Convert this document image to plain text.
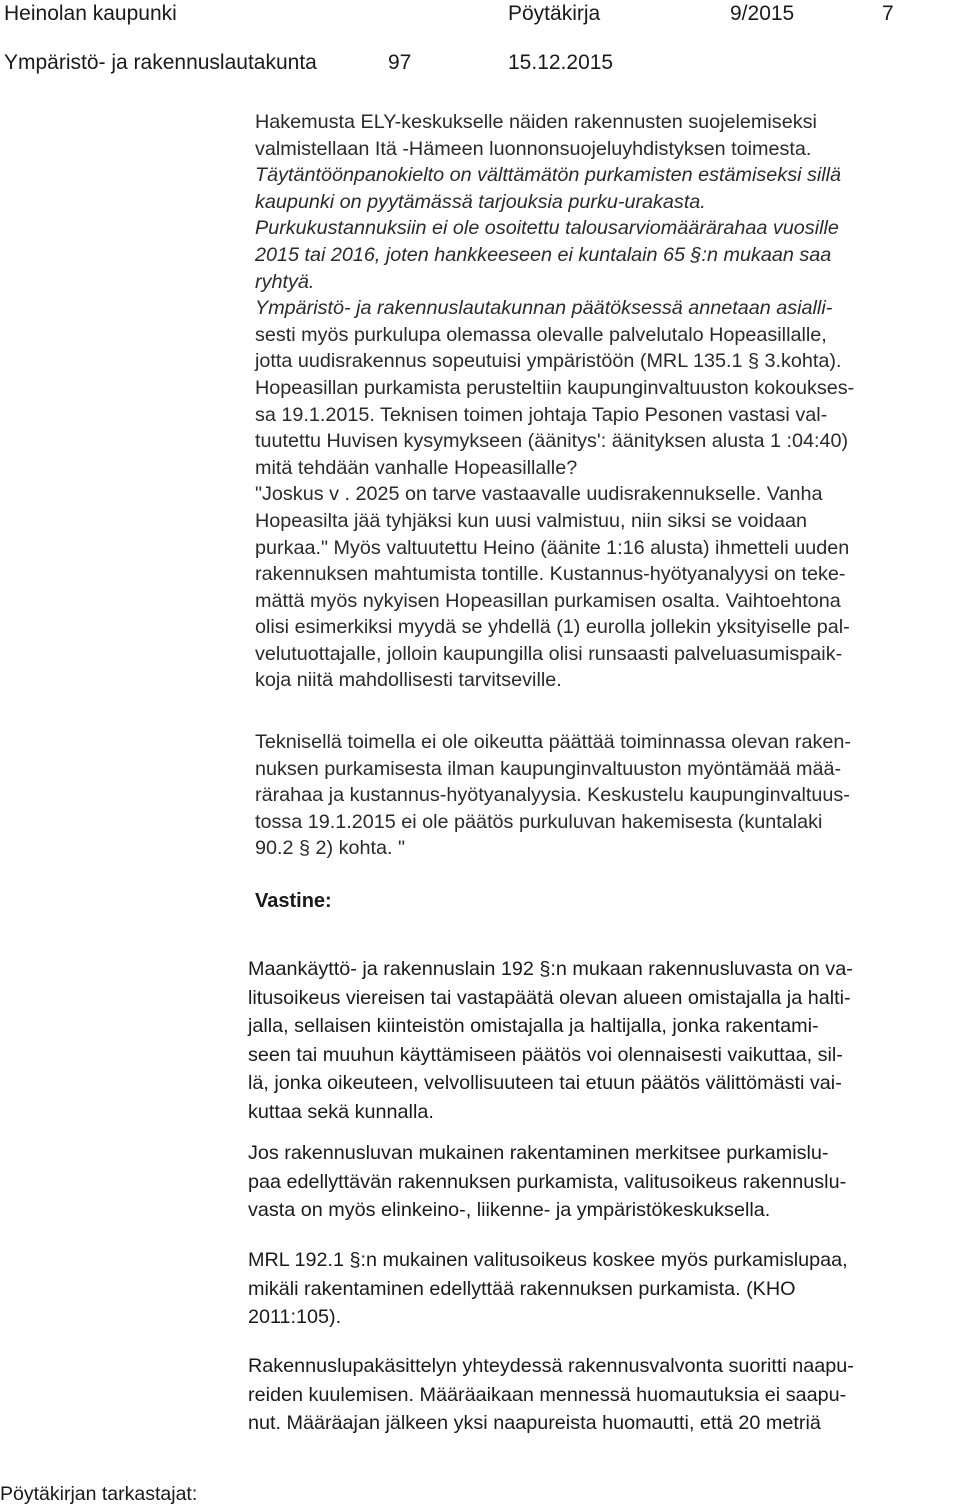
Heinolan kaupunki	Pöytäkirja	9/2015	7
Ympäristö- ja rakennuslautakunta	97	15.12.2015
Hakemusta ELY-keskukselle näiden rakennusten suojelemiseksi
valmistellaan Itä -Hämeen luonnonsuojeluyhdistyksen toimesta.
Täytäntöönpanokielto on välttämätön purkamisten estämiseksi sillä
kaupunki on pyytämässä tarjouksia purku-urakasta.
Purkukustannuksiin ei ole osoitettu talousarviomäärärahaa vuosille
2015 tai 2016, joten hankkeeseen ei kuntalain 65 §:n mukaan saa
ryhtyä.
Ympäristö- ja rakennuslautakunnan päätöksessä annetaan asialli-
sesti myös purkulupa olemassa olevalle palvelutalo Hopeasillalle,
jotta uudisrakennus sopeutuisi ympäristöön (MRL 135.1 § 3.kohta).
Hopeasillan purkamista perusteltiin kaupunginvaltuuston kokoukses-
sa 19.1.2015. Teknisen toimen johtaja Tapio Pesonen vastasi val-
tuutettu Huvisen kysymykseen (äänitys': äänityksen alusta 1 :04:40)
mitä tehdään vanhalle Hopeasillalle?
"Joskus v . 2025 on tarve vastaavalle uudisrakennukselle. Vanha
Hopeasilta jää tyhjäksi kun uusi valmistuu, niin siksi se voidaan
purkaa." Myös valtuutettu Heino (äänite 1:16 alusta) ihmetteli uuden
rakennuksen mahtumista tontille. Kustannus-hyötyanalyysi on teke-
mättä myös nykyisen Hopeasillan purkamisen osalta. Vaihtoehtona
olisi esimerkiksi myydä se yhdellä (1) eurolla jollekin yksityiselle pal-
velutuottajalle, jolloin kaupungilla olisi runsaasti palveluasumispaik-
koja niitä mahdollisesti tarvitseville.
Teknisellä toimella ei ole oikeutta päättää toiminnassa olevan raken-
nuksen purkamisesta ilman kaupunginvaltuuston myöntämää mää-
rärahaa ja kustannus-hyötyanalyysia. Keskustelu kaupunginvaltuus-
tossa 19.1.2015 ei ole päätös purkuluvan hakemisesta (kuntalaki
90.2 § 2) kohta. "
Vastine:
Maankäyttö- ja rakennuslain 192 §:n mukaan rakennusluvasta on va-
litusoikeus viereisen tai vastapäätä olevan alueen omistajalla ja halti-
jalla, sellaisen kiinteistön omistajalla ja haltijalla, jonka rakentami-
seen tai muuhun käyttämiseen päätös voi olennaisesti vaikuttaa, sil-
lä, jonka oikeuteen, velvollisuuteen tai etuun päätös välittömästi vai-
kuttaa sekä kunnalla.
Jos rakennusluvan mukainen rakentaminen merkitsee purkamislu-
paa edellyttävän rakennuksen purkamista, valitusoikeus rakennuslu-
vasta on myös elinkeino-, liikenne- ja ympäristökeskuksella.
MRL 192.1 §:n mukainen valitusoikeus koskee myös purkamislupaa,
mikäli rakentaminen edellyttää rakennuksen purkamista. (KHO
2011:105).
Rakennuslupakäsittelyn yhteydessä rakennusvalvonta suoritti naapu-
reiden kuulemisen. Määräaikaan mennessä huomautuksia ei saapu-
nut. Määräajan jälkeen yksi naapureista huomautti, että 20 metriä
Pöytäkirjan tarkastajat:
